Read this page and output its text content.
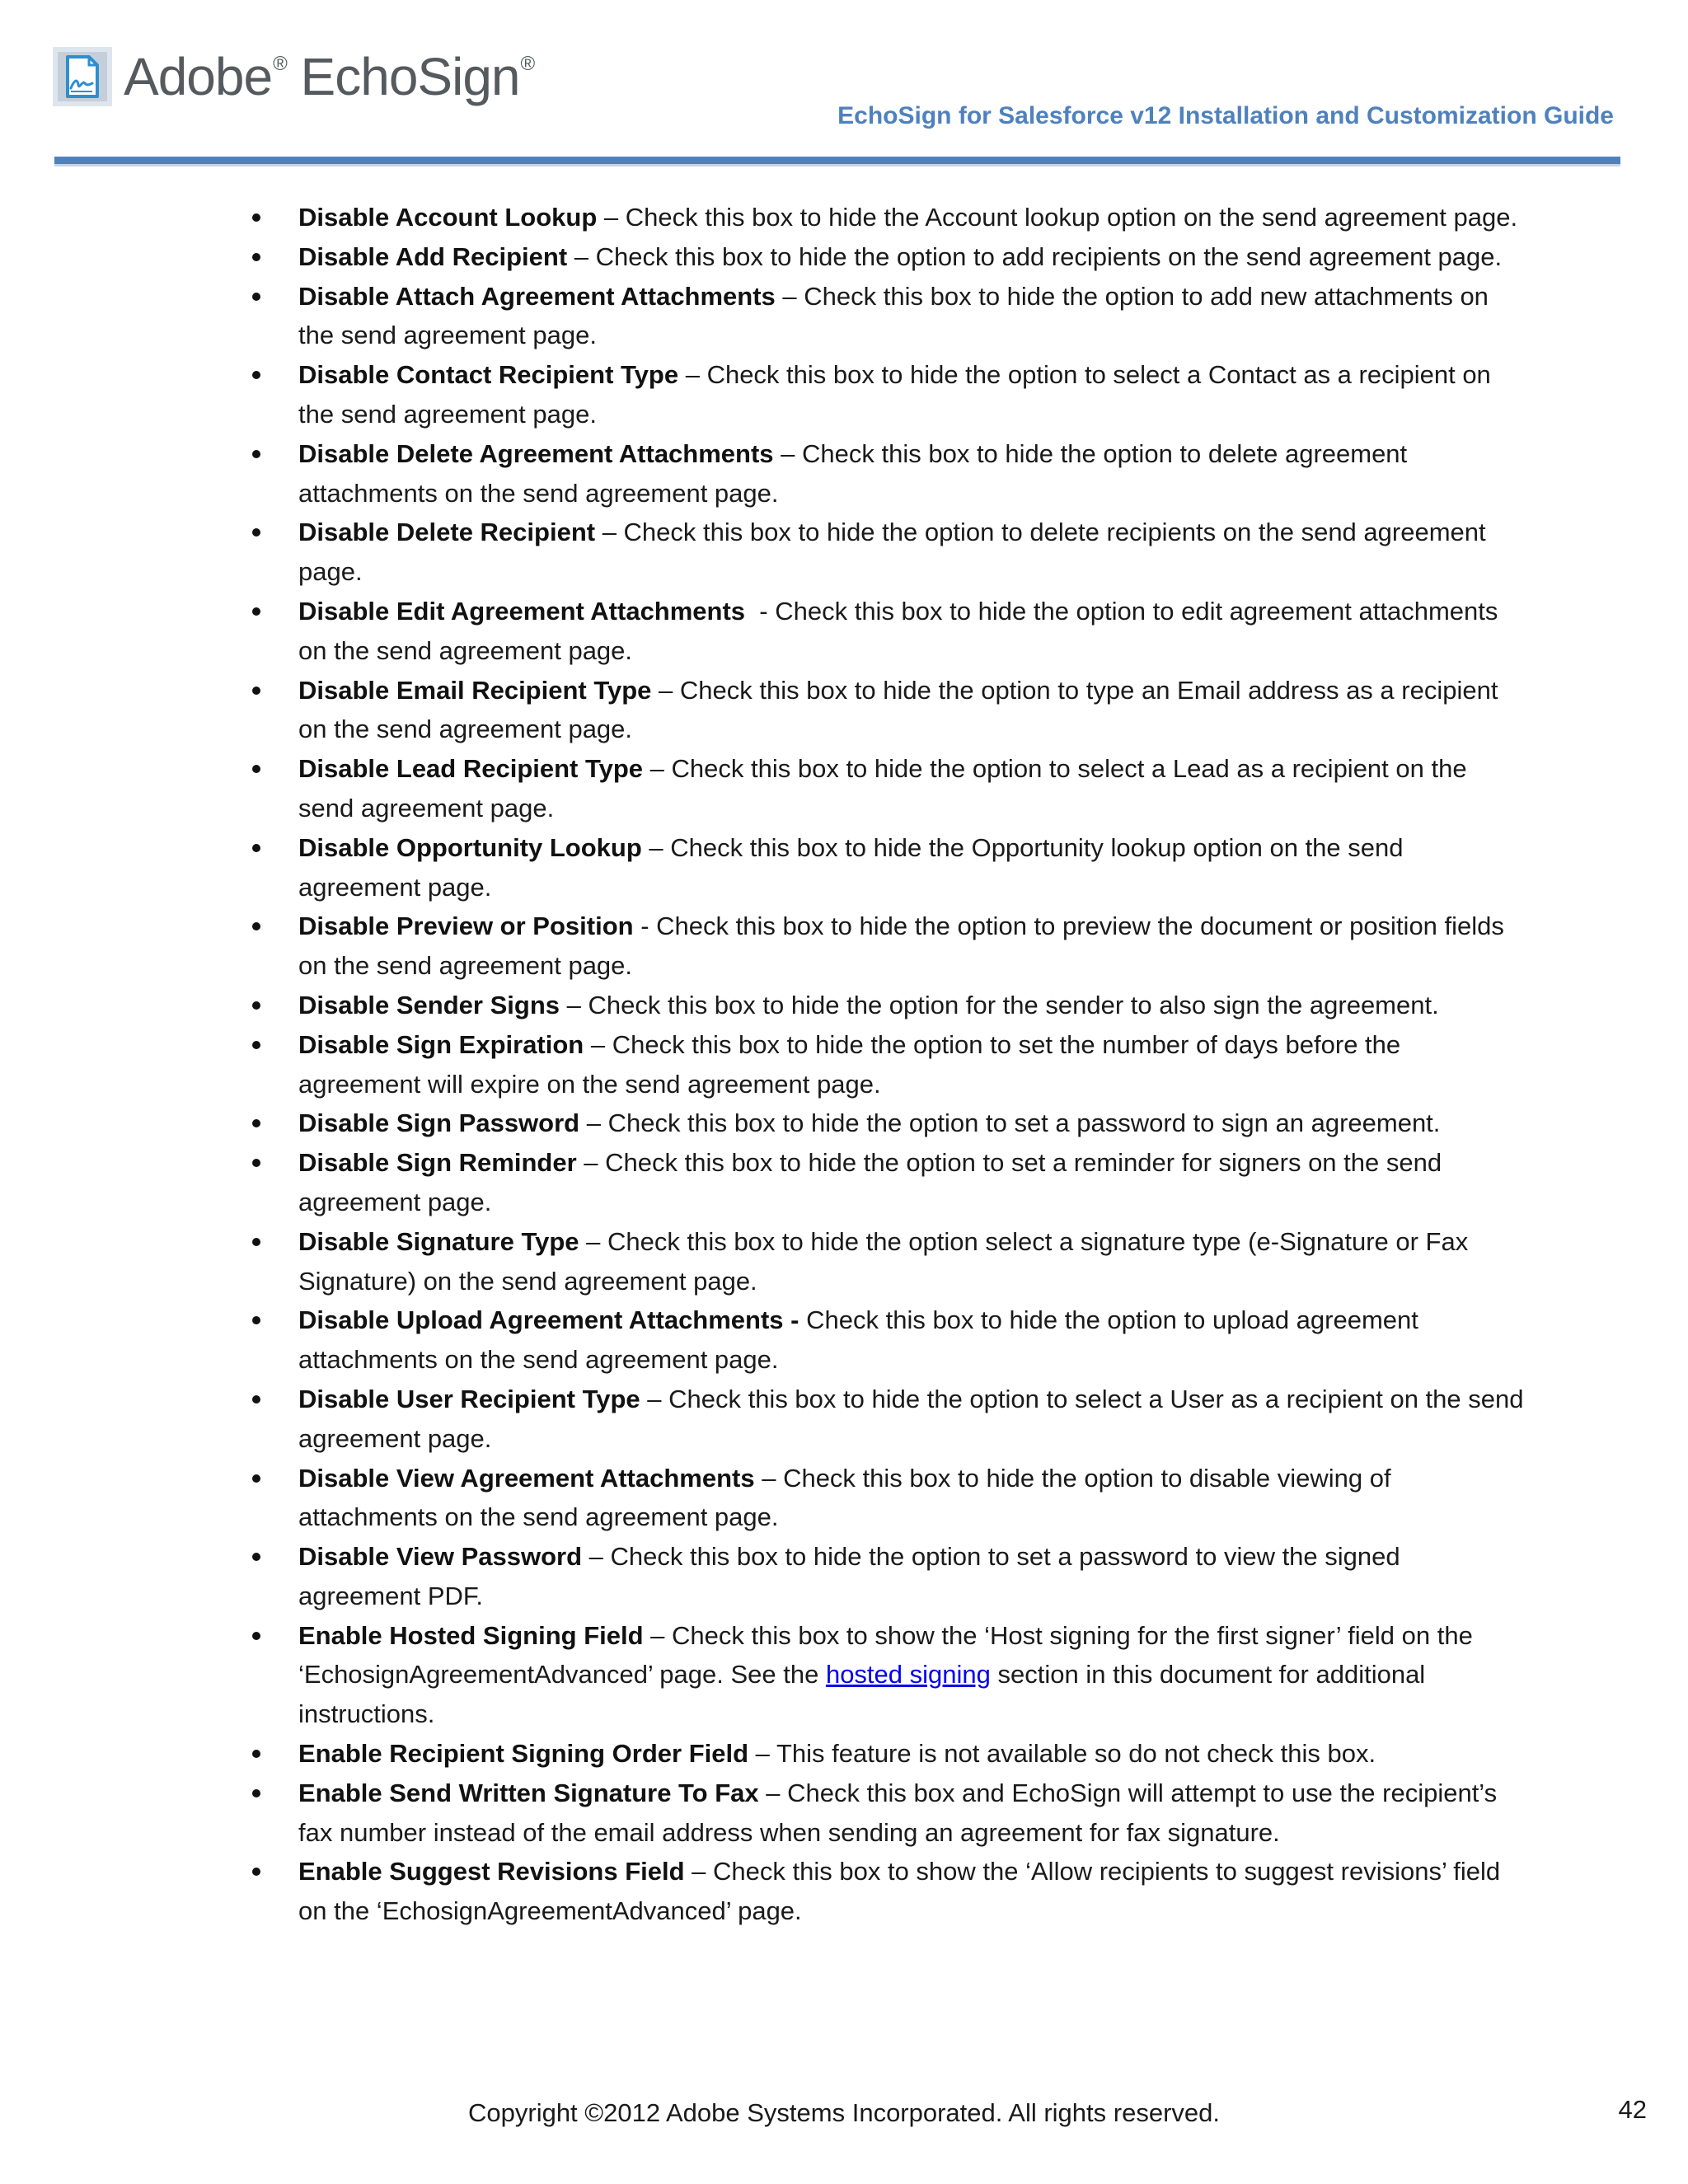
Adobe® EchoSign®
EchoSign for Salesforce v12 Installation and Customization Guide
Disable Account Lookup – Check this box to hide the Account lookup option on the send agreement page.
Disable Add Recipient – Check this box to hide the option to add recipients on the send agreement page.
Disable Attach Agreement Attachments – Check this box to hide the option to add new attachments on the send agreement page.
Disable Contact Recipient Type – Check this box to hide the option to select a Contact as a recipient on the send agreement page.
Disable Delete Agreement Attachments – Check this box to hide the option to delete agreement attachments on the send agreement page.
Disable Delete Recipient – Check this box to hide the option to delete recipients on the send agreement page.
Disable Edit Agreement Attachments  - Check this box to hide the option to edit agreement attachments on the send agreement page.
Disable Email Recipient Type – Check this box to hide the option to type an Email address as a recipient on the send agreement page.
Disable Lead Recipient Type – Check this box to hide the option to select a Lead as a recipient on the send agreement page.
Disable Opportunity Lookup – Check this box to hide the Opportunity lookup option on the send agreement page.
Disable Preview or Position - Check this box to hide the option to preview the document or position fields on the send agreement page.
Disable Sender Signs – Check this box to hide the option for the sender to also sign the agreement.
Disable Sign Expiration – Check this box to hide the option to set the number of days before the agreement will expire on the send agreement page.
Disable Sign Password – Check this box to hide the option to set a password to sign an agreement.
Disable Sign Reminder – Check this box to hide the option to set a reminder for signers on the send agreement page.
Disable Signature Type – Check this box to hide the option select a signature type (e-Signature or Fax Signature) on the send agreement page.
Disable Upload Agreement Attachments - Check this box to hide the option to upload agreement attachments on the send agreement page.
Disable User Recipient Type – Check this box to hide the option to select a User as a recipient on the send agreement page.
Disable View Agreement Attachments – Check this box to hide the option to disable viewing of attachments on the send agreement page.
Disable View Password – Check this box to hide the option to set a password to view the signed agreement PDF.
Enable Hosted Signing Field – Check this box to show the ‘Host signing for the first signer’ field on the ‘EchosignAgreementAdvanced’ page. See the hosted signing section in this document for additional instructions.
Enable Recipient Signing Order Field – This feature is not available so do not check this box.
Enable Send Written Signature To Fax – Check this box and EchoSign will attempt to use the recipient’s fax number instead of the email address when sending an agreement for fax signature.
Enable Suggest Revisions Field – Check this box to show the ‘Allow recipients to suggest revisions’ field on the ‘EchosignAgreementAdvanced’ page.
Copyright ©2012 Adobe Systems Incorporated. All rights reserved.	42
